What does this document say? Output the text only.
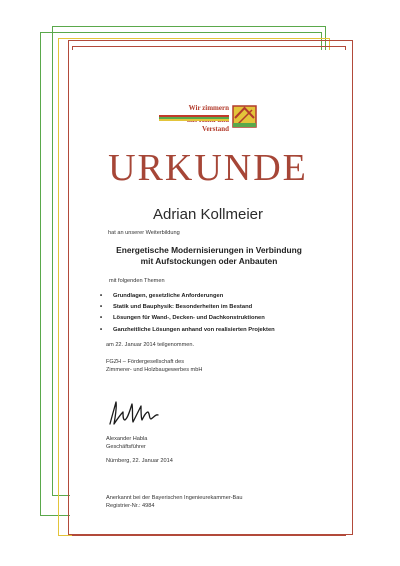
Wir zimmern
Verstand
URKUNDE
Adrian Kollmeier
hat an unserer Weiterbildung
Energetische Modernisierungen in Verbindung
mit Aufstockungen oder Anbauten
mit folgenden Themen
• Grundlagen, gesetzliche Anforderungen
• Statik und Bauphysik: Besonderheiten im Bestand
• Lösungen für Wand-, Decken- und Dachkonstruktionen
• Ganzheitliche Lösungen anhand von realisierten Projekten
am 22. Januar 2014 teilgenommen.
FGZH – Fördergesellschaft des
Zimmerer- und Holzbaugewerbes mbH
Alexander Habla
Geschäftsführer
Nürnberg, 22. Januar 2014
Anerkannt bei der Bayerischen Ingenieurekammer-Bau
Registrier-Nr.: 4984
